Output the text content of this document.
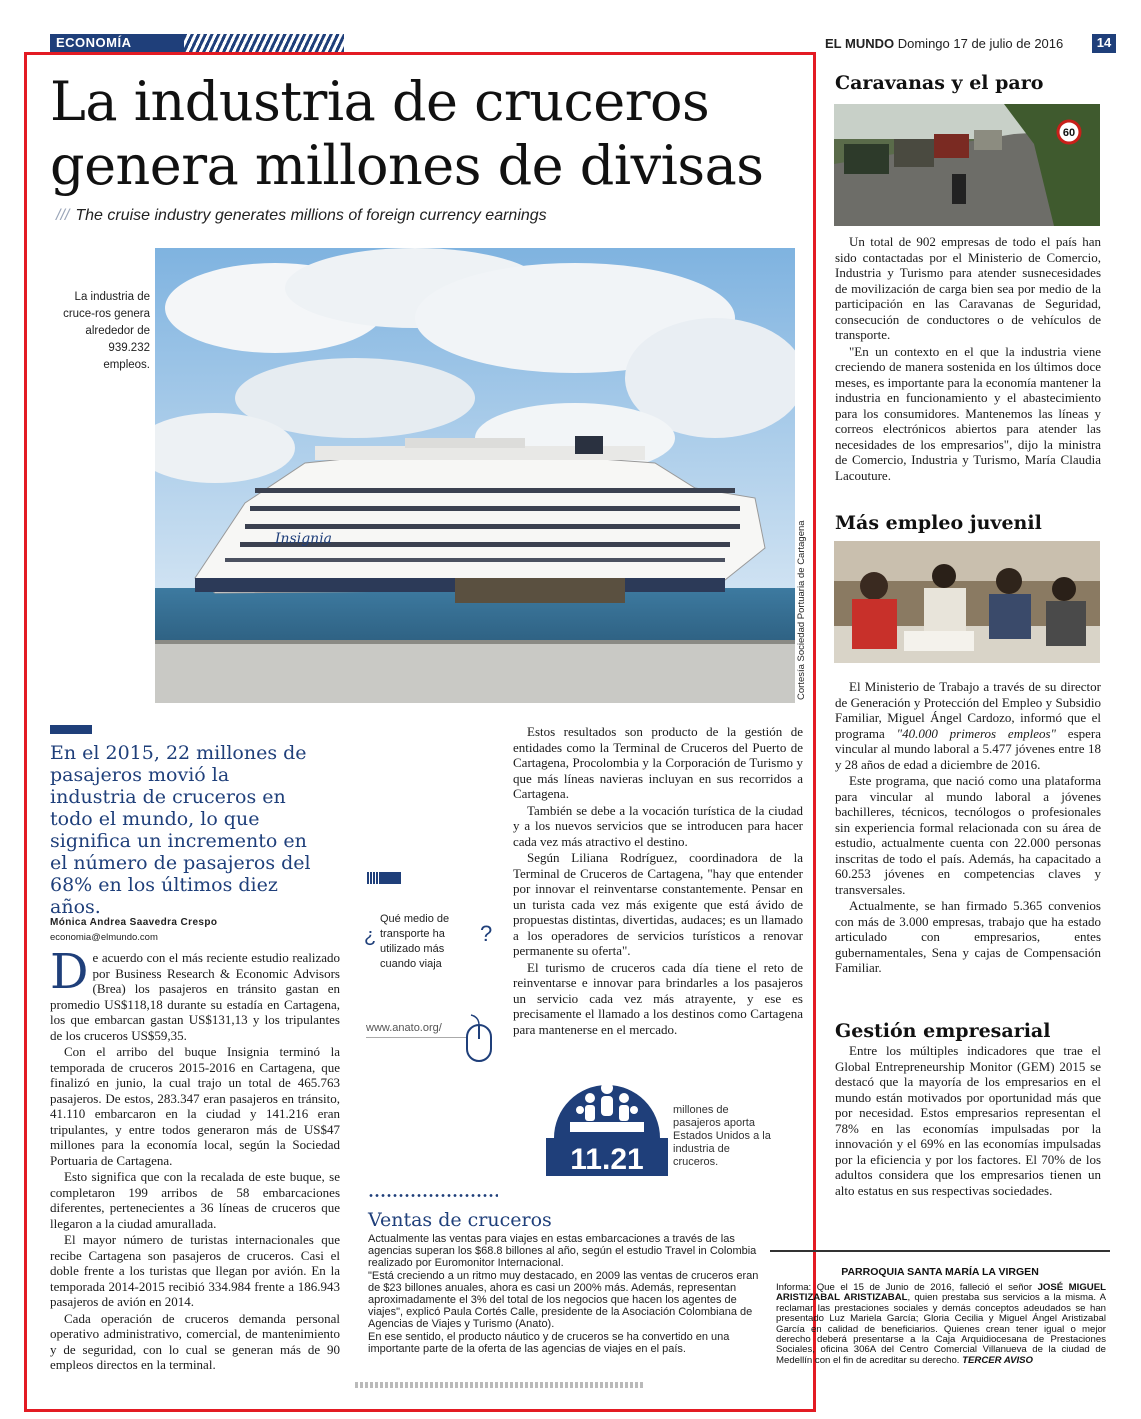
ECONOMÍA	EL MUNDO Domingo 17 de julio de 2016	14
La industria de cruceros
genera millones de divisas
/// The cruise industry generates millions of foreign currency earnings
Insignia
La industria de cruce-ros genera alrededor de 939.232 empleos.
Cortesía Sociedad Portuaria de Cartagena
En el 2015, 22 millones de pasajeros movió la industria de cruceros en todo el mundo, lo que significa un incremento en el número de pasajeros del 68% en los últimos diez años.
Mónica Andrea Saavedra Crespo
economia@elmundo.com

De acuerdo con el más reciente estudio realizado por Business Research & Economic Advisors (Brea) los pasajeros en tránsito gastan en promedio US$118,18 durante su estadía en Cartagena, los que embarcan gastan US$131,13 y los tripulantes de los cruceros US$59,35.

Con el arribo del buque Insignia terminó la temporada de cruceros 2015-2016 en Cartagena, que finalizó en junio, la cual trajo un total de 465.763 pasajeros. De estos, 283.347 eran pasajeros en tránsito, 41.110 embarcaron en la ciudad y 141.216 eran tripulantes, y entre todos generaron más de US$47 millones para la economía local, según la Sociedad Portuaria de Cartagena.

Esto significa que con la recalada de este buque, se completaron 199 arribos de 58 embarcaciones diferentes, pertenecientes a 36 líneas de cruceros que llegaron a la ciudad amurallada.

El mayor número de turistas internacionales que recibe Cartagena son pasajeros de cruceros. Casi el doble frente a los turistas que llegan por avión. En la temporada 2014-2015 recibió 334.984 frente a 186.943 pasajeros de avión en 2014.

Cada operación de cruceros demanda personal operativo administrativo, comercial, de mantenimiento y de seguridad, con lo cual se generan más de 90 empleos directos en la terminal.

Estos resultados son producto de la gestión de entidades como la Terminal de Cruceros del Puerto de Cartagena, Procolombia y la Corporación de Turismo y que más líneas navieras incluyan en sus recorridos a Cartagena.

También se debe a la vocación turística de la ciudad y a los nuevos servicios que se introducen para hacer cada vez más atractivo el destino.

Según Liliana Rodríguez, coordinadora de la Terminal de Cruceros de Cartagena, "hay que entender por innovar el reinventarse constantemente. Pensar en un turista cada vez más exigente que está ávido de propuestas distintas, divertidas, audaces; es un llamado a los operadores de servicios turísticos a renovar permanente su oferta".

El turismo de cruceros cada día tiene el reto de reinventarse e innovar para brindarles a los pasajeros un servicio cada vez más atrayente, y ese es precisamente el llamado a los destinos como Cartagena para mantenerse en el mercado.

¿
Qué medio de transporte ha utilizado más cuando viaja
?
www.anato.org/
11.21
millones de pasajeros aporta Estados Unidos a la industria de cruceros.
Ventas de cruceros

Actualmente las ventas para viajes en estas embarcaciones a través de las agencias superan los $68.8 billones al año, según el estudio Travel in Colombia realizado por Euromonitor Internacional.

"Está creciendo a un ritmo muy destacado, en 2009 las ventas de cruceros eran de $23 billones anuales, ahora es casi un 200% más. Además, representan aproximadamente el 3% del total de los negocios que hacen los agentes de viajes", explicó Paula Cortés Calle, presidente de la Asociación Colombiana de Agencias de Viajes y Turismo (Anato).

En ese sentido, el producto náutico y de cruceros se ha convertido en una importante parte de la oferta de las agencias de viajes en el país.

Caravanas y el paro
60

Un total de 902 empresas de todo el país han sido contactadas por el Ministerio de Comercio, Industria y Turismo para atender susnecesidades de movilización de carga bien sea por medio de la participación en las Caravanas de Seguridad, consecución de conductores o de vehículos de transporte.

"En un contexto en el que la industria viene creciendo de manera sostenida en los últimos doce meses, es importante para la economía mantener la industria en funcionamiento y el abastecimiento para los consumidores. Mantenemos las líneas y correos electrónicos abiertos para atender las necesidades de los empresarios", dijo la ministra de Comercio, Industria y Turismo, María Claudia Lacouture.

Más empleo juvenil

El Ministerio de Trabajo a través de su director de Generación y Protección del Empleo y Subsidio Familiar, Miguel Ángel Cardozo, informó que el programa "40.000 primeros empleos" espera vincular al mundo laboral a 5.477 jóvenes entre 18 y 28 años de edad a diciembre de 2016.

Este programa, que nació como una plataforma para vincular al mundo laboral a jóvenes bachilleres, técnicos, tecnólogos o profesionales sin experiencia formal relacionada con su área de estudio, actualmente cuenta con 22.000 personas inscritas de todo el país. Además, ha capacitado a 60.253 jóvenes en competencias claves y transversales.

Actualmente, se han firmado 5.365 convenios con más de 3.000 empresas, trabajo que ha estado articulado con empresarios, entes gubernamentales, Sena y cajas de Compensación Familiar.

Gestión empresarial

Entre los múltiples indicadores que trae el Global Entrepreneurship Monitor (GEM) 2015 se destacó que la mayoría de los empresarios en el mundo están motivados por oportunidad más que por necesidad. Estos empresarios representan el 78% en las economías impulsadas por la innovación y el 69% en las economías impulsadas por la eficiencia y por los factores. El 70% de los adultos considera que los empresarios tienen un alto estatus en sus respectivas sociedades.

PARROQUIA SANTA MARÍA LA VIRGEN
Informa: Que el 15 de Junio de 2016, falleció el señor JOSÉ MIGUEL ARISTIZABAL ARISTIZABAL, quien prestaba sus servicios a la misma. A reclamar las prestaciones sociales y demás conceptos adeudados se han presentado Luz Mariela García; Gloria Cecilia y Miguel Ángel Aristizabal García en calidad de beneficiarios. Quienes crean tener igual o mejor derecho deberá presentarse a la Caja Arquidiocesana de Prestaciones Sociales, oficina 306A del Centro Comercial Villanueva de la ciudad de Medellín con el fin de acreditar su derecho. TERCER AVISO
